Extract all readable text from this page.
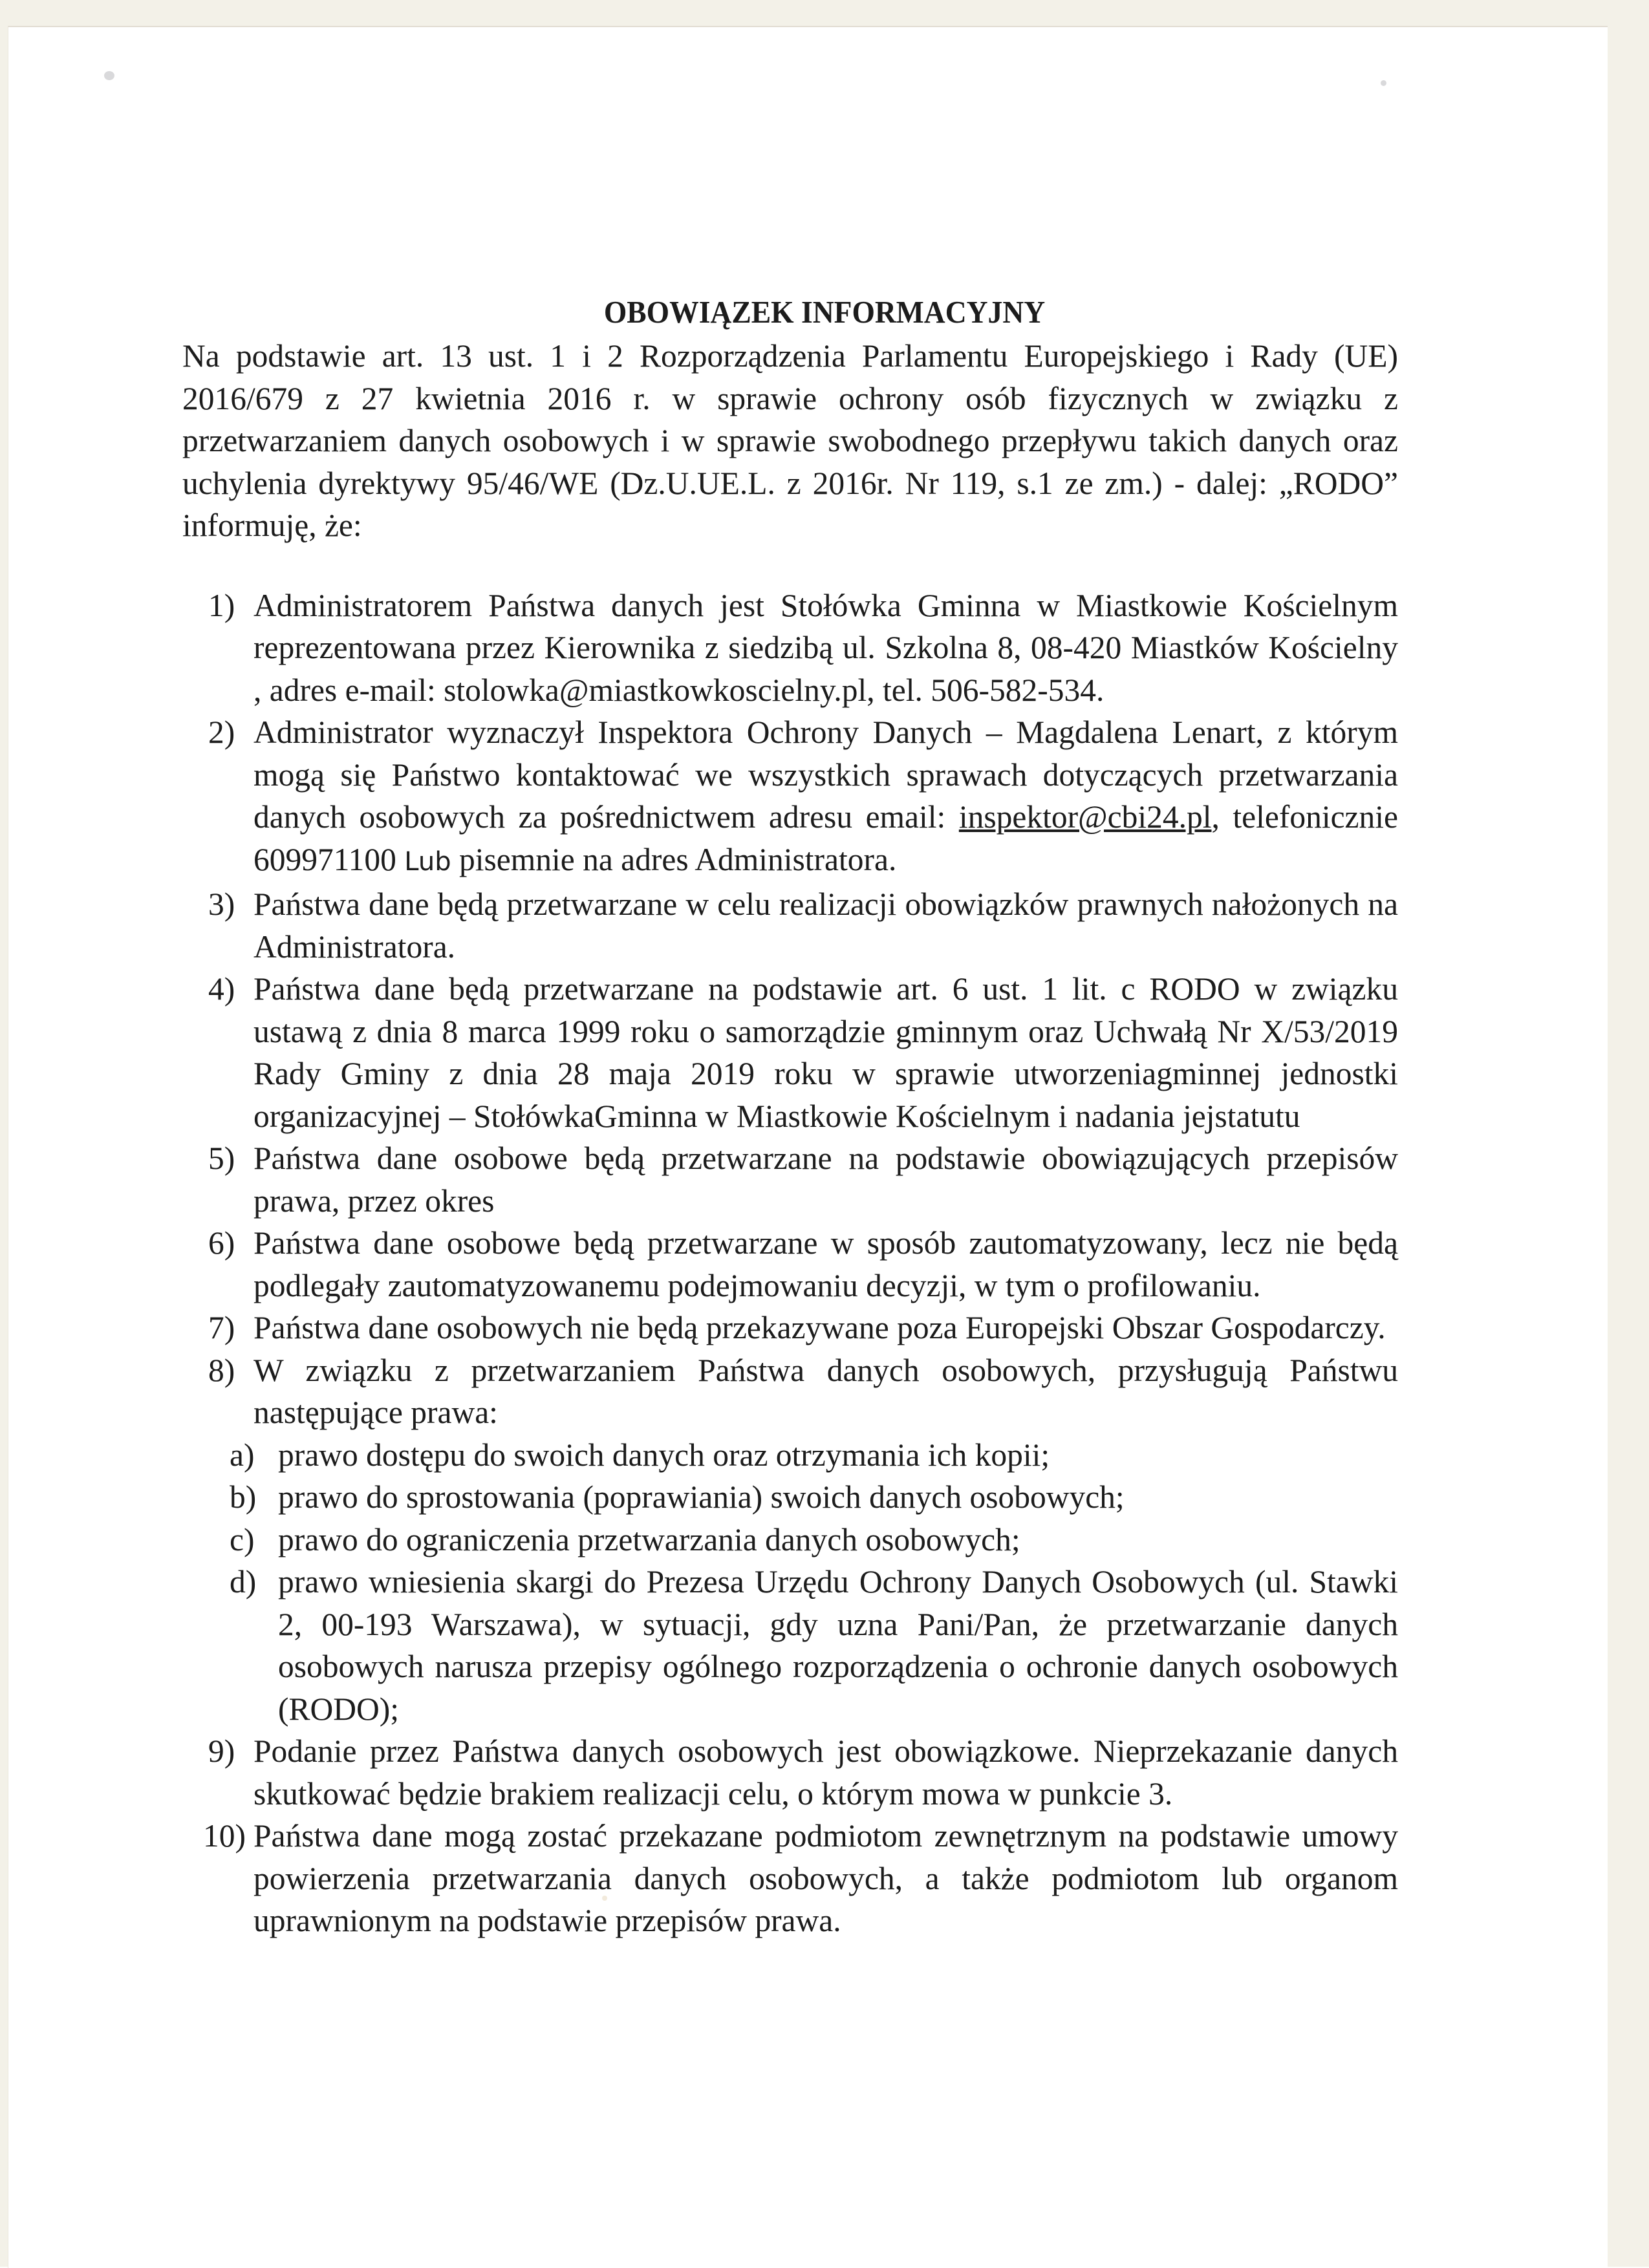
OBOWIĄZEK INFORMACYJNY

Na podstawie art. 13 ust. 1 i 2 Rozporządzenia Parlamentu Europejskiego i Rady (UE) 2016/679 z 27 kwietnia 2016 r. w sprawie ochrony osób fizycznych w związku z przetwarzaniem danych osobowych i w sprawie swobodnego przepływu takich danych oraz uchylenia dyrektywy 95/46/WE (Dz.U.UE.L. z 2016r. Nr 119, s.1 ze zm.) - dalej: „RODO” informuję, że:

1) Administratorem Państwa danych jest Stołówka Gminna w Miastkowie Kościelnym reprezentowana przez Kierownika z siedzibą ul. Szkolna 8, 08-420 Miastków Kościelny , adres e-mail: stolowka@miastkowkoscielny.pl, tel. 506-582-534.
2) Administrator wyznaczył Inspektora Ochrony Danych – Magdalena Lenart, z którym mogą się Państwo kontaktować we wszystkich sprawach dotyczących przetwarzania danych osobowych za pośrednictwem adresu email: inspektor@cbi24.pl, telefonicznie 609971100 Lub pisemnie na adres Administratora.
3) Państwa dane będą przetwarzane w celu realizacji obowiązków prawnych nałożonych na Administratora.
4) Państwa dane będą przetwarzane na podstawie art. 6 ust. 1 lit. c RODO w związku ustawą z dnia 8 marca 1999 roku o samorządzie gminnym oraz Uchwałą Nr X/53/2019 Rady Gminy z dnia 28 maja 2019 roku w sprawie utworzeniagminnej jednostki organizacyjnej – StołówkaGminna w Miastkowie Kościelnym i nadania jejstatutu
5) Państwa dane osobowe będą przetwarzane na podstawie obowiązujących przepisów prawa, przez okres
6) Państwa dane osobowe będą przetwarzane w sposób zautomatyzowany, lecz nie będą podlegały zautomatyzowanemu podejmowaniu decyzji, w tym o profilowaniu.
7) Państwa dane osobowych nie będą przekazywane poza Europejski Obszar Gospodarczy.
8) W związku z przetwarzaniem Państwa danych osobowych, przysługują Państwu następujące prawa:
a) prawo dostępu do swoich danych oraz otrzymania ich kopii;
b) prawo do sprostowania (poprawiania) swoich danych osobowych;
c) prawo do ograniczenia przetwarzania danych osobowych;
d) prawo wniesienia skargi do Prezesa Urzędu Ochrony Danych Osobowych (ul. Stawki 2, 00-193 Warszawa), w sytuacji, gdy uzna Pani/Pan, że przetwarzanie danych osobowych narusza przepisy ogólnego rozporządzenia o ochronie danych osobowych (RODO);
9) Podanie przez Państwa danych osobowych jest obowiązkowe. Nieprzekazanie danych skutkować będzie brakiem realizacji celu, o którym mowa w punkcie 3.
10) Państwa dane mogą zostać przekazane podmiotom zewnętrznym na podstawie umowy powierzenia przetwarzania danych osobowych, a także podmiotom lub organom uprawnionym na podstawie przepisów prawa.
